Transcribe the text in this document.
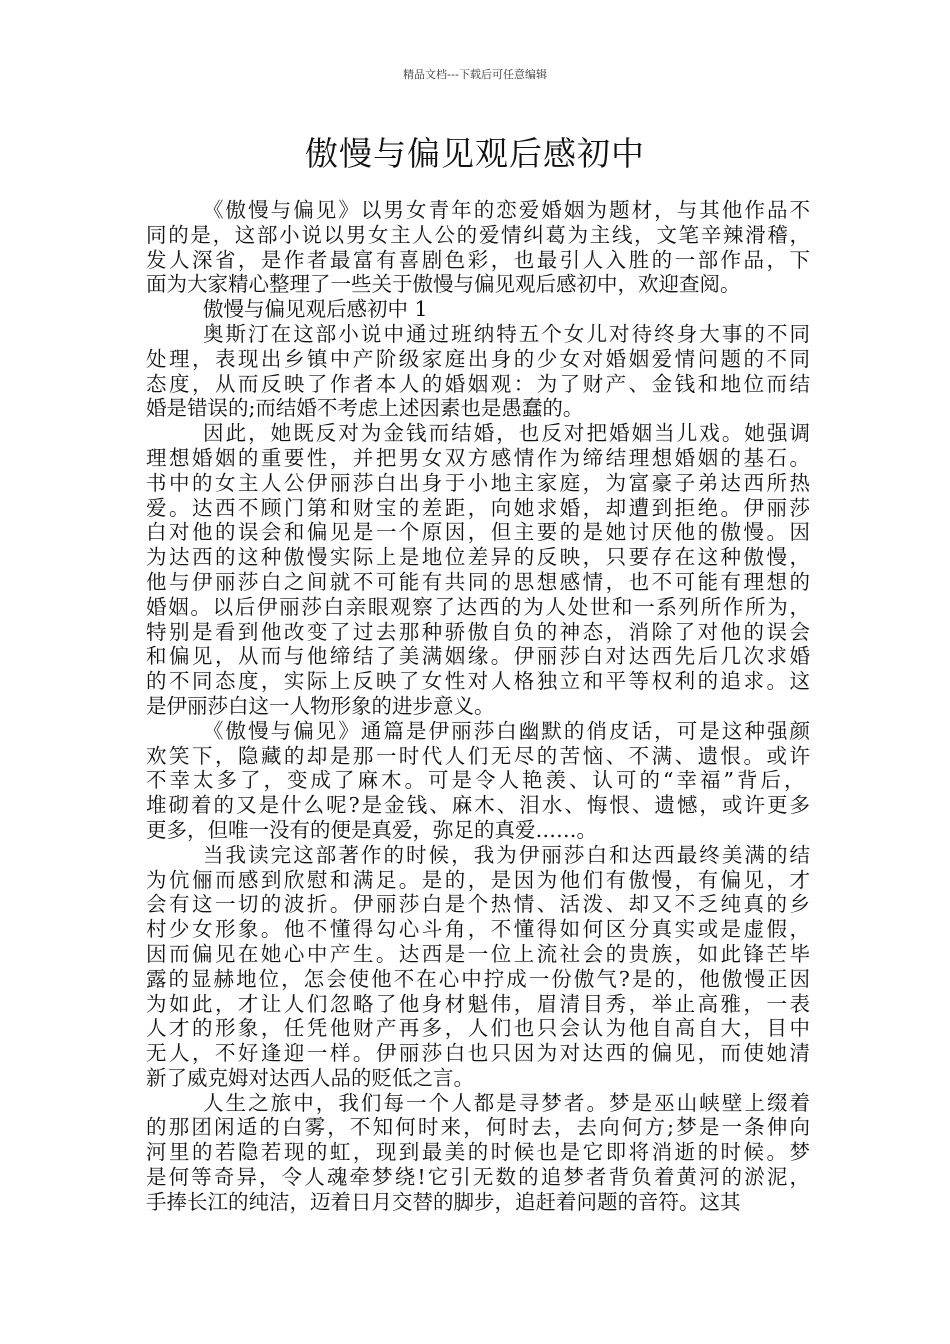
精品文档---下载后可任意编辑
傲慢与偏见观后感初中
《傲慢与偏见》以男女青年的恋爱婚姻为题材，与其他作品不
同的是，这部小说以男女主人公的爱情纠葛为主线，文笔辛辣滑稽，
发人深省，是作者最富有喜剧色彩，也最引人入胜的一部作品，下
面为大家精心整理了一些关于傲慢与偏见观后感初中，欢迎查阅。
傲慢与偏见观后感初中 1
奥斯汀在这部小说中通过班纳特五个女儿对待终身大事的不同
处理，表现出乡镇中产阶级家庭出身的少女对婚姻爱情问题的不同
态度，从而反映了作者本人的婚姻观：为了财产、金钱和地位而结
婚是错误的;而结婚不考虑上述因素也是愚蠢的。
因此，她既反对为金钱而结婚，也反对把婚姻当儿戏。她强调
理想婚姻的重要性，并把男女双方感情作为缔结理想婚姻的基石。
书中的女主人公伊丽莎白出身于小地主家庭，为富豪子弟达西所热
爱。达西不顾门第和财宝的差距，向她求婚，却遭到拒绝。伊丽莎
白对他的误会和偏见是一个原因，但主要的是她讨厌他的傲慢。因
为达西的这种傲慢实际上是地位差异的反映，只要存在这种傲慢，
他与伊丽莎白之间就不可能有共同的思想感情，也不可能有理想的
婚姻。以后伊丽莎白亲眼观察了达西的为人处世和一系列所作所为，
特别是看到他改变了过去那种骄傲自负的神态，消除了对他的误会
和偏见，从而与他缔结了美满姻缘。伊丽莎白对达西先后几次求婚
的不同态度，实际上反映了女性对人格独立和平等权利的追求。这
是伊丽莎白这一人物形象的进步意义。
《傲慢与偏见》通篇是伊丽莎白幽默的俏皮话，可是这种强颜
欢笑下，隐藏的却是那一时代人们无尽的苦恼、不满、遗恨。或许
不幸太多了，变成了麻木。可是令人艳羡、认可的“幸福”背后，
堆砌着的又是什么呢?是金钱、麻木、泪水、悔恨、遗憾，或许更多
更多，但唯一没有的便是真爱，弥足的真爱……。
当我读完这部著作的时候，我为伊丽莎白和达西最终美满的结
为伉俪而感到欣慰和满足。是的，是因为他们有傲慢，有偏见，才
会有这一切的波折。伊丽莎白是个热情、活泼、却又不乏纯真的乡
村少女形象。他不懂得勾心斗角，不懂得如何区分真实或是虚假，
因而偏见在她心中产生。达西是一位上流社会的贵族，如此锋芒毕
露的显赫地位，怎会使他不在心中拧成一份傲气?是的，他傲慢正因
为如此，才让人们忽略了他身材魁伟，眉清目秀，举止高雅，一表
人才的形象，任凭他财产再多，人们也只会认为他自高自大，目中
无人，不好逢迎一样。伊丽莎白也只因为对达西的偏见，而使她清
新了威克姆对达西人品的贬低之言。
人生之旅中，我们每一个人都是寻梦者。梦是巫山峡壁上缀着
的那团闲适的白雾，不知何时来，何时去，去向何方;梦是一条伸向
河里的若隐若现的虹，现到最美的时候也是它即将消逝的时候。梦
是何等奇异，令人魂牵梦绕!它引无数的追梦者背负着黄河的淤泥，
手捧长江的纯洁，迈着日月交替的脚步，追赶着问题的音符。这其
